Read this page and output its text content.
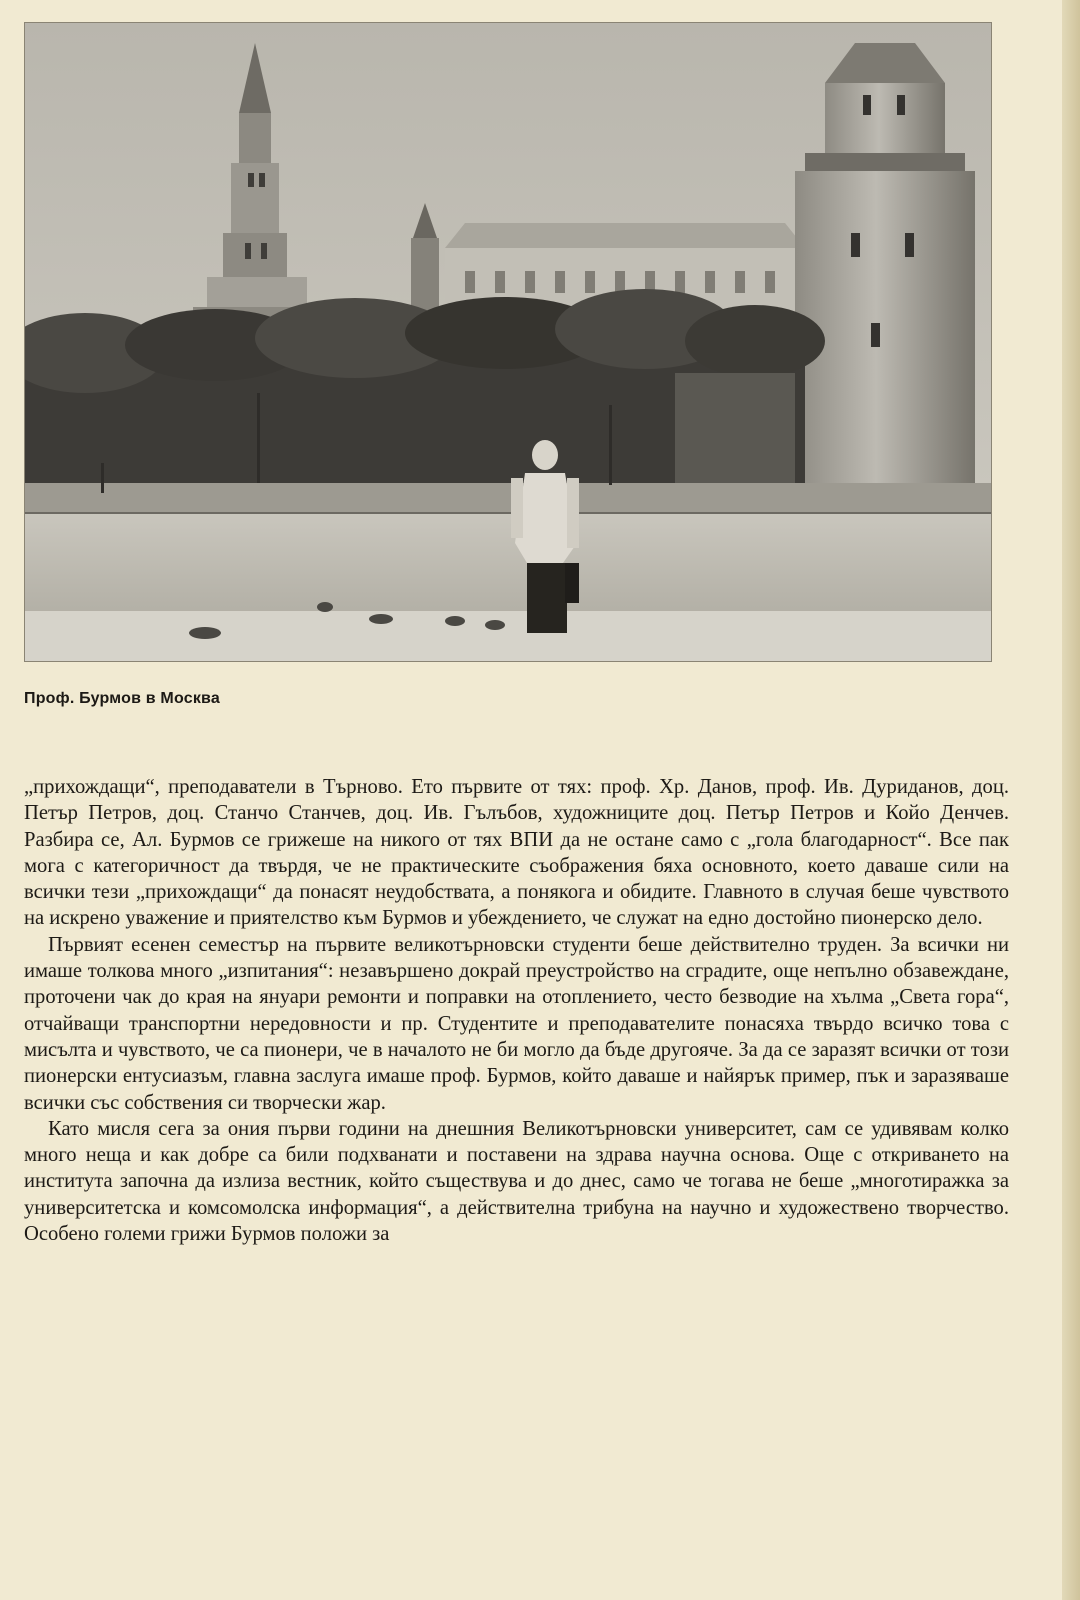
Проф. Бурмов в Москва

„прихождащи“, преподаватели в Търново. Ето първите от тях: проф. Хр. Данов, проф. Ив. Дуриданов, доц. Петър Петров, доц. Станчо Станчев, доц. Ив. Гълъбов, художниците доц. Петър Петров и Койо Денчев. Разбира се, Ал. Бурмов се грижеше на никого от тях ВПИ да не остане само с „гола благодарност“. Все пак мога с категоричност да твърдя, че не практическите съображения бяха основното, което даваше сили на всички тези „прихождащи“ да понасят неудобствата, а понякога и обидите. Главното в случая беше чувството на искрено уважение и приятелство към Бурмов и убеждението, че служат на едно достойно пионерско дело.

Първият есенен семестър на първите великотърновски студенти беше действително труден. За всички ни имаше толкова много „изпитания“: незавършено докрай преустройство на сградите, още непълно обзавеждане, проточени чак до края на януари ремонти и поправки на отоплението, често безводие на хълма „Света гора“, отчайващи транспортни нередовности и пр. Студентите и преподавателите понасяха твърдо всичко това с мисълта и чувството, че са пионери, че в началото не би могло да бъде другояче. За да се заразят всички от този пионерски ентусиазъм, главна заслуга имаше проф. Бурмов, който даваше и найярък пример, пък и заразяваше всички със собствения си творчески жар.

Като мисля сега за ония първи години на днешния Великотърновски университет, сам се удивявам колко много неща и как добре са били подхванати и поставени на здрава научна основа. Още с откриването на института започна да излиза вестник, който съществува и до днес, само че тогава не беше „многотиражка за университетска и комсомолска информация“, а действителна трибуна на научно и художествено творчество. Особено големи грижи Бурмов положи за
